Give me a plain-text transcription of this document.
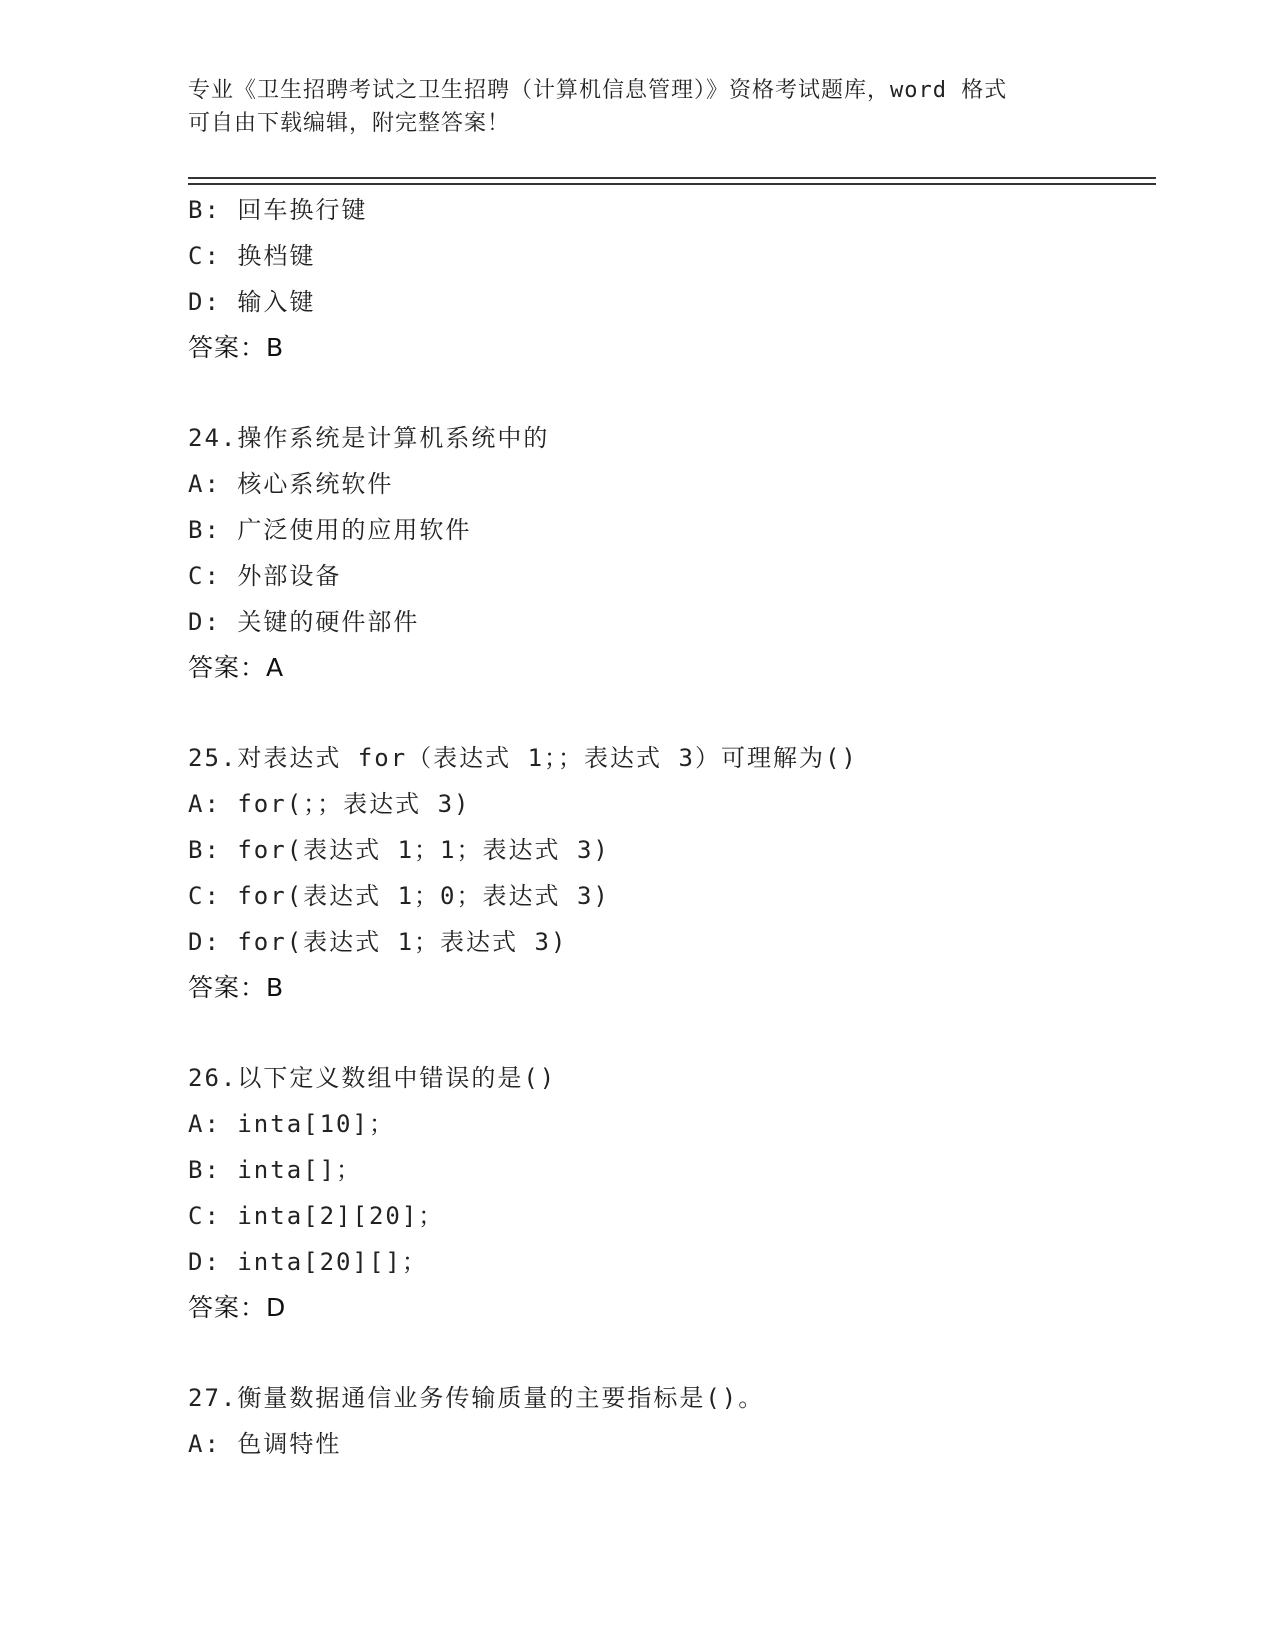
专业《卫生招聘考试之卫生招聘（计算机信息管理）》资格考试题库，word 格式
可自由下载编辑，附完整答案！
B: 回车换行键
C: 换档键
D: 输入键
答案：B
24.操作系统是计算机系统中的
A: 核心系统软件
B: 广泛使用的应用软件
C: 外部设备
D: 关键的硬件部件
答案：A
25.对表达式 for（表达式 1；；表达式 3）可理解为()
A: for(；；表达式 3)
B: for(表达式 1；1；表达式 3)
C: for(表达式 1；0；表达式 3)
D: for(表达式 1；表达式 3)
答案：B
26.以下定义数组中错误的是()
A: inta[10]；
B: inta[]；
C: inta[2][20]；
D: inta[20][]；
答案：D
27.衡量数据通信业务传输质量的主要指标是()。
A: 色调特性
